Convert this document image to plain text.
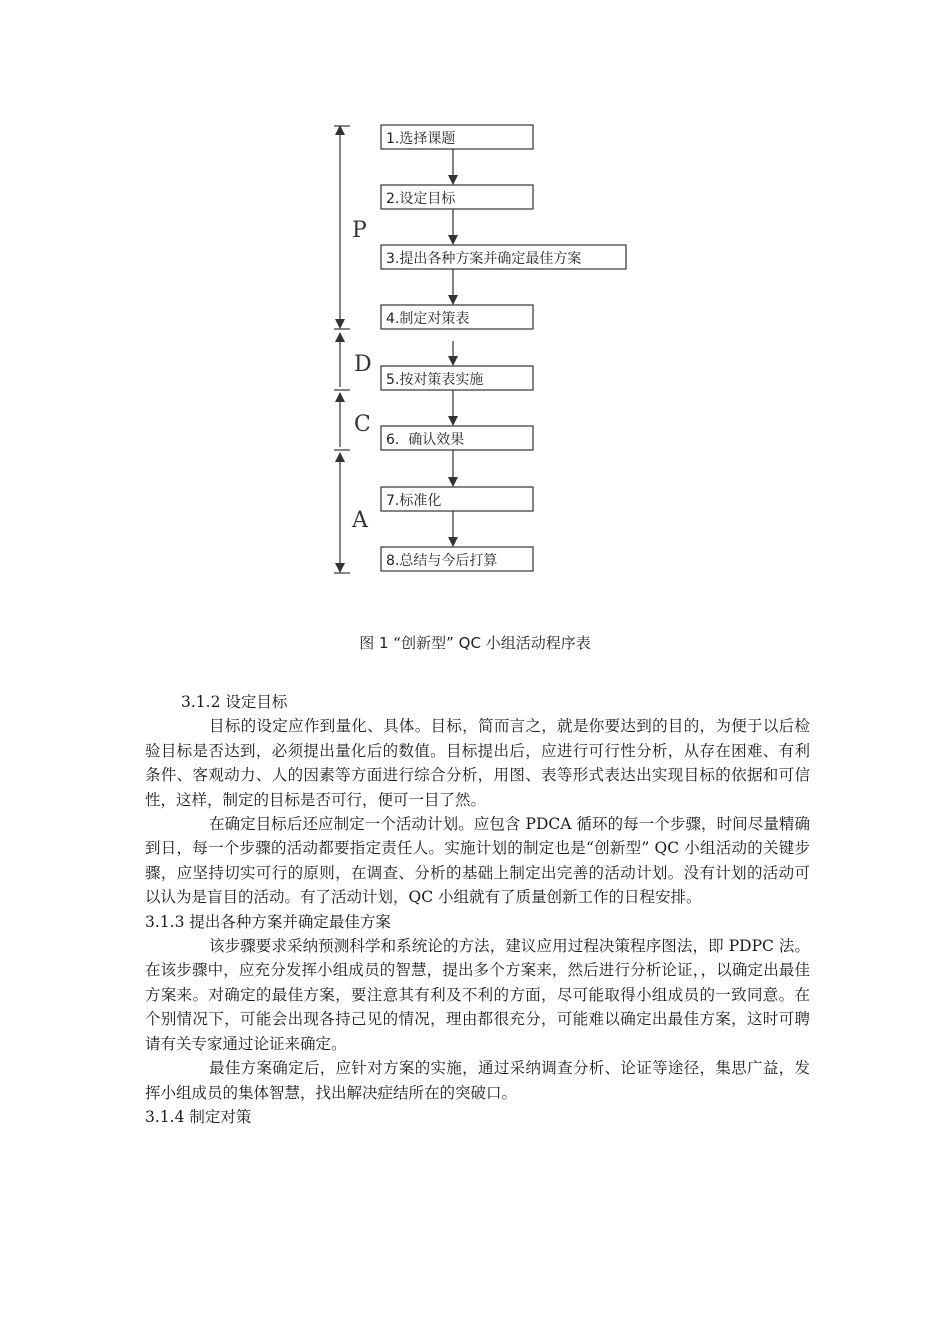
P
D
C
A
1.选择课题
2.设定目标
3.提出各种方案并确定最佳方案
4.制定对策表
5.按对策表实施
6.  确认效果
7.标准化
8.总结与今后打算
图 1 “创新型” QC 小组活动程序表

3.1.2 设定目标

目标的设定应作到量化、具体。目标，简而言之，就是你要达到的目的，为便于以后检验目标是否达到，必须提出量化后的数值。目标提出后，应进行可行性分析，从存在困难、有利条件、客观动力、人的因素等方面进行综合分析，用图、表等形式表达出实现目标的依据和可信性，这样，制定的目标是否可行，便可一目了然。

在确定目标后还应制定一个活动计划。应包含 PDCA 循环的每一个步骤，时间尽量精确到日，每一个步骤的活动都要指定责任人。实施计划的制定也是“创新型” QC 小组活动的关键步骤，应坚持切实可行的原则，在调查、分析的基础上制定出完善的活动计划。没有计划的活动可以认为是盲目的活动。有了活动计划，QC 小组就有了质量创新工作的日程安排。

3.1.3 提出各种方案并确定最佳方案

该步骤要求采纳预测科学和系统论的方法，建议应用过程决策程序图法，即 PDPC 法。在该步骤中，应充分发挥小组成员的智慧，提出多个方案来，然后进行分析论证，，以确定出最佳方案来。对确定的最佳方案，要注意其有利及不利的方面，尽可能取得小组成员的一致同意。在个别情况下，可能会出现各持己见的情况，理由都很充分，可能难以确定出最佳方案，这时可聘请有关专家通过论证来确定。

最佳方案确定后，应针对方案的实施，通过采纳调查分析、论证等途径，集思广益，发挥小组成员的集体智慧，找出解决症结所在的突破口。

3.1.4 制定对策
